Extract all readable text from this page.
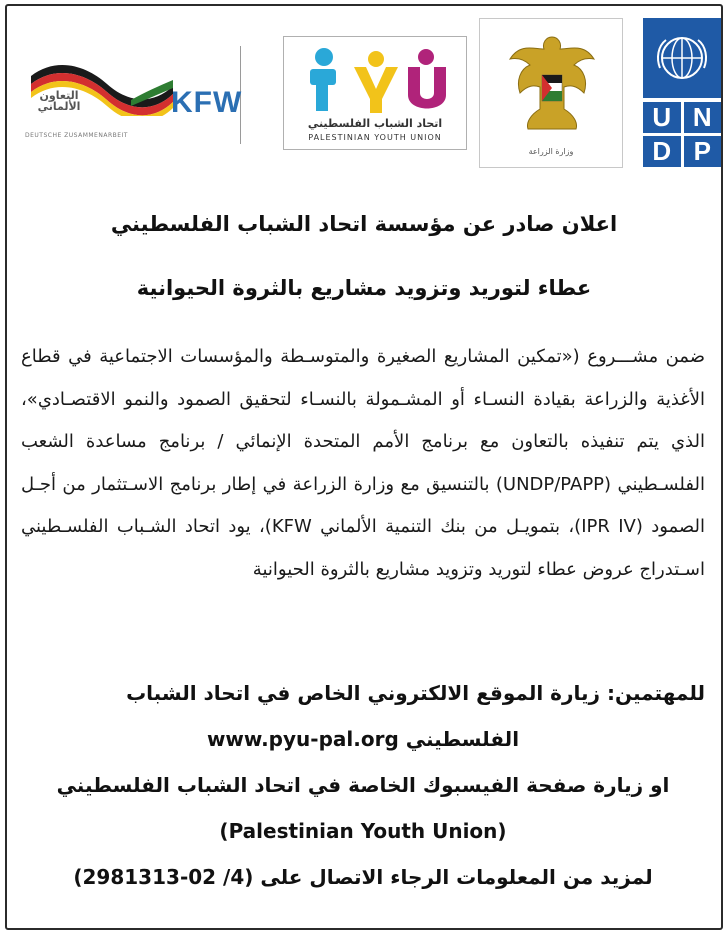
التعاون الألماني
DEUTSCHE ZUSAMMENARBEIT
KFW
اتحاد الشباب الفلسطيني
PALESTINIAN YOUTH UNION
وزارة الزراعة
U N
D P
اعلان صادر عن مؤسسة اتحاد الشباب الفلسطيني
عطاء لتوريد وتزويد مشاريع بالثروة الحيوانية
ضمن مشـــروع («تمكين المشاريع الصغيرة والمتوسـطة والمؤسسات الاجتماعية في قطاع الأغذية والزراعة بقيادة النسـاء أو المشـمولة بالنسـاء لتحقيق الصمود والنمو الاقتصـادي»، الذي يتم تنفيذه بالتعاون مع برنامج الأمم المتحدة الإنمائي / برنامج مساعدة الشعب الفلسـطيني (UNDP/PAPP) بالتنسيق مع وزارة الزراعة في إطار برنامج الاسـتثمار من أجـل الصمود (IPR IV)، بتمويـل من بنك التنمية الألماني KFW)، يود اتحاد الشـباب الفلسـطيني اسـتدراج عروض عطاء لتوريد وتزويد مشاريع بالثروة الحيوانية
للمهتمين: زيارة الموقع الالكتروني الخاص في اتحاد الشباب
الفلسطيني www.pyu-pal.org
او زيارة صفحة الفيسبوك الخاصة في اتحاد الشباب الفلسطيني
(Palestinian Youth Union)
لمزيد من المعلومات الرجاء الاتصال على (4/ 02-2981313)
